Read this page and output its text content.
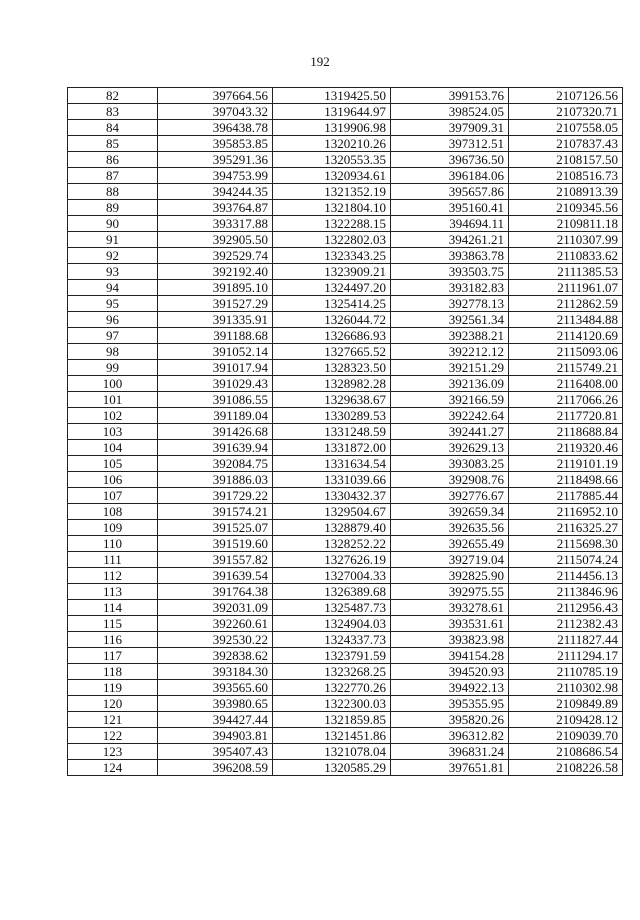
192
82	397664.56	1319425.50	399153.76	2107126.56
83	397043.32	1319644.97	398524.05	2107320.71
84	396438.78	1319906.98	397909.31	2107558.05
85	395853.85	1320210.26	397312.51	2107837.43
86	395291.36	1320553.35	396736.50	2108157.50
87	394753.99	1320934.61	396184.06	2108516.73
88	394244.35	1321352.19	395657.86	2108913.39
89	393764.87	1321804.10	395160.41	2109345.56
90	393317.88	1322288.15	394694.11	2109811.18
91	392905.50	1322802.03	394261.21	2110307.99
92	392529.74	1323343.25	393863.78	2110833.62
93	392192.40	1323909.21	393503.75	2111385.53
94	391895.10	1324497.20	393182.83	2111961.07
95	391527.29	1325414.25	392778.13	2112862.59
96	391335.91	1326044.72	392561.34	2113484.88
97	391188.68	1326686.93	392388.21	2114120.69
98	391052.14	1327665.52	392212.12	2115093.06
99	391017.94	1328323.50	392151.29	2115749.21
100	391029.43	1328982.28	392136.09	2116408.00
101	391086.55	1329638.67	392166.59	2117066.26
102	391189.04	1330289.53	392242.64	2117720.81
103	391426.68	1331248.59	392441.27	2118688.84
104	391639.94	1331872.00	392629.13	2119320.46
105	392084.75	1331634.54	393083.25	2119101.19
106	391886.03	1331039.66	392908.76	2118498.66
107	391729.22	1330432.37	392776.67	2117885.44
108	391574.21	1329504.67	392659.34	2116952.10
109	391525.07	1328879.40	392635.56	2116325.27
110	391519.60	1328252.22	392655.49	2115698.30
111	391557.82	1327626.19	392719.04	2115074.24
112	391639.54	1327004.33	392825.90	2114456.13
113	391764.38	1326389.68	392975.55	2113846.96
114	392031.09	1325487.73	393278.61	2112956.43
115	392260.61	1324904.03	393531.61	2112382.43
116	392530.22	1324337.73	393823.98	2111827.44
117	392838.62	1323791.59	394154.28	2111294.17
118	393184.30	1323268.25	394520.93	2110785.19
119	393565.60	1322770.26	394922.13	2110302.98
120	393980.65	1322300.03	395355.95	2109849.89
121	394427.44	1321859.85	395820.26	2109428.12
122	394903.81	1321451.86	396312.82	2109039.70
123	395407.43	1321078.04	396831.24	2108686.54
124	396208.59	1320585.29	397651.81	2108226.58
